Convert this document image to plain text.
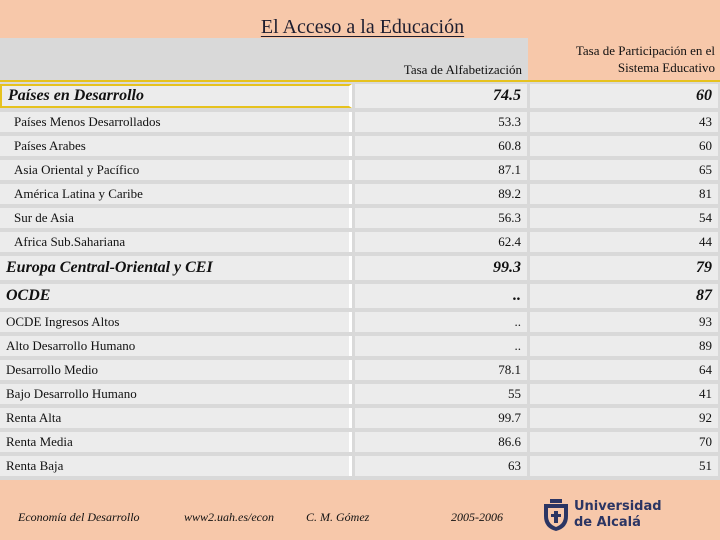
El Acceso a la Educación
Tasa de Alfabetización
Tasa de Participación en el
Sistema Educativo
Países en Desarrollo	74.5	60
Países Menos Desarrollados	53.3	43
Países Arabes	60.8	60
Asia Oriental y Pacífico	87.1	65
América Latina y Caribe	89.2	81
Sur de Asia	56.3	54
Africa Sub.Sahariana	62.4	44
Europa Central-Oriental y CEI	99.3	79
OCDE	..	87
OCDE Ingresos Altos	..	93
Alto Desarrollo Humano	..	89
Desarrollo Medio	78.1	64
Bajo Desarrollo Humano	55	41
Renta Alta	99.7	92
Renta Media	86.6	70
Renta Baja	63	51
Economía del Desarrollo	www2.uah.es/econ	C. M. Gómez	2005-2006
Universidad
de Alcalá
